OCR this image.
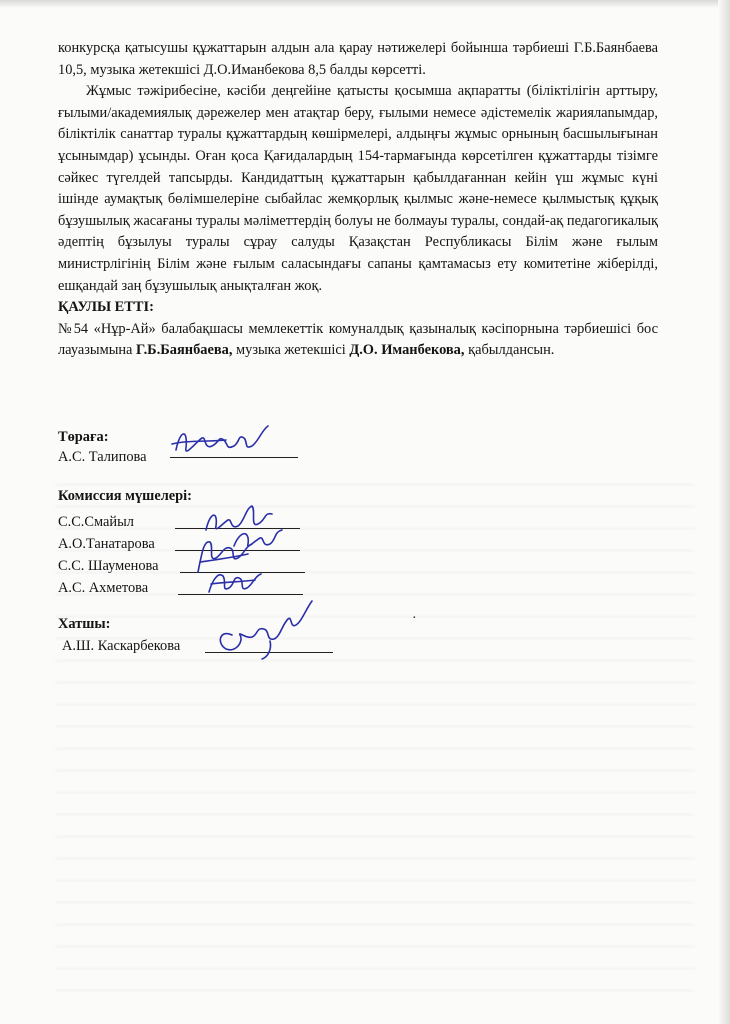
конкурсқа қатысушы құжаттарын алдын ала қарау нәтижелері бойынша тәрбиеші Г.Б.Баянбаева 10,5, музыка жетекшісі Д.О.Иманбекова 8,5 балды көрсетті.

Жұмыс тәжірибесіне, кәсіби деңгейіне қатысты қосымша ақпаратты (біліктілігін арттыру, ғылыми/академиялық дәрежелер мен атақтар беру, ғылыми немесе әдістемелік жариялanымдар, біліктілік санаттар туралы құжаттардың көшірмелері, алдыңғы жұмыс орнының басшылығынан ұсынымдар) ұсынды. Оған қоса Қағидалардың 154-тармағында көрсетілген құжаттарды тізімге сәйкес түгелдей тапсырды. Кандидаттың құжаттарын қабылдағаннан кейін үш жұмыс күні ішінде аумақтық бөлімшелеріне сыбайлас жемқорлық қылмыс және-немесе қылмыстық құқық бұзушылық жасағаны туралы мәліметтердің болуы не болмауы туралы, сондай-ақ педагогикалық әдептің бұзылуы туралы сұрау салуды Қазақстан Республикасы Білім және ғылым министрлігінің Білім және ғылым саласындағы сапаны қамтамасыз ету комитетіне жіберілді, ешқандай заң бұзушылық анықталған жоқ.

ҚАУЛЫ ЕТТІ:

№54 «Нұр-Ай» балабақшасы мемлекеттік комуналдық қазыналық кәсіпорнына тәрбиешісі бос лауазымына Г.Б.Баянбаева, музыка жетекшісі Д.О. Иманбекова, қабылдансын.

Төраға:
А.С. Талипова
Комиссия мүшелері:
С.С.Смайыл
А.О.Танатарова
С.С. Шауменова
А.С. Ахметова
Хатшы:
А.Ш. Каскарбекова
·
